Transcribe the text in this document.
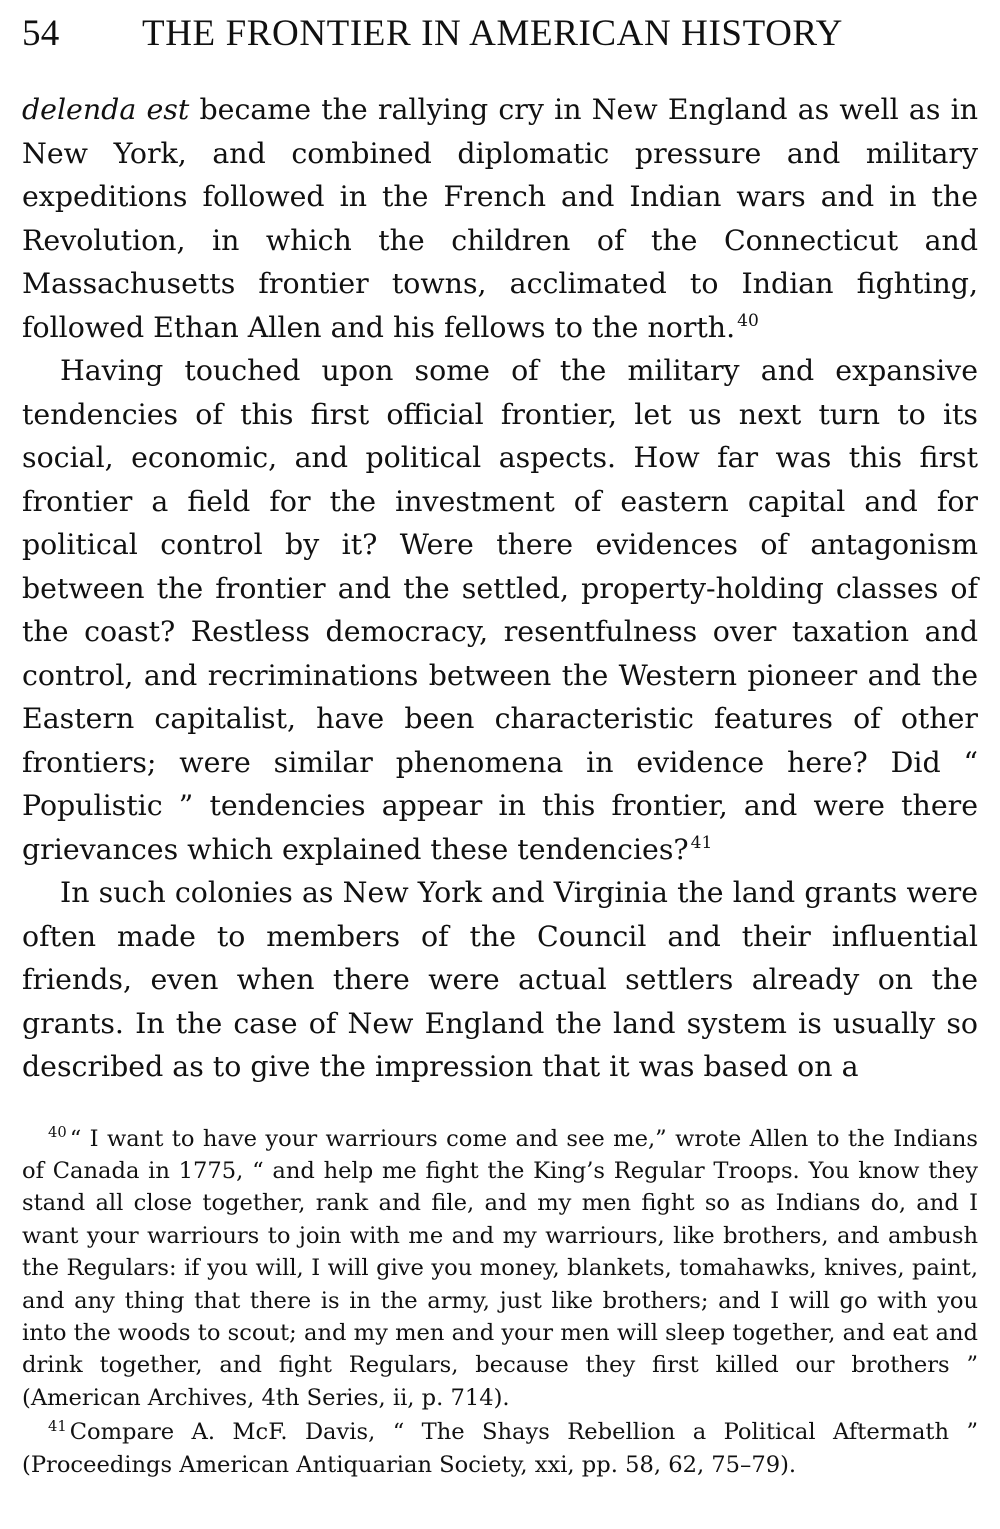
54	THE FRONTIER IN AMERICAN HISTORY

delenda est became the rallying cry in New England as well as in New York, and combined diplomatic pressure and military expeditions followed in the French and Indian wars and in the Revolution, in which the children of the Connecticut and Massachusetts frontier towns, acclimated to Indian fighting, followed Ethan Allen and his fellows to the north. $^{40}$

Having touched upon some of the military and expansive tendencies of this first official frontier, let us next turn to its social, economic, and political aspects. How far was this first frontier a field for the investment of eastern capital and for political control by it? Were there evidences of antagonism between the frontier and the settled, property-holding classes of the coast? Restless democracy, resentfulness over taxation and control, and recriminations between the Western pioneer and the Eastern capitalist, have been characteristic features of other frontiers; were similar phenomena in evidence here? Did “ Populistic ” tendencies appear in this frontier, and were there grievances which explained these tendencies? $^{41}$

In such colonies as New York and Virginia the land grants were often made to members of the Council and their influential friends, even when there were actual settlers already on the grants. In the case of New England the land system is usually so described as to give the impression that it was based on a

$^{40}$ “ I want to have your warriours come and see me,” wrote Allen to the Indians of Canada in 1775, “ and help me fight the King’s Regular Troops. You know they stand all close together, rank and file, and my men fight so as Indians do, and I want your warriours to join with me and my warriours, like brothers, and ambush the Regulars: if you will, I will give you money, blankets, tomahawks, knives, paint, and any thing that there is in the army, just like brothers; and I will go with you into the woods to scout; and my men and your men will sleep together, and eat and drink together, and fight Regulars, because they first killed our brothers ” (American Archives, 4th Series, ii, p. 714).

$^{41}$ Compare A. McF. Davis, “ The Shays Rebellion a Political Aftermath ” (Proceedings American Antiquarian Society, xxi, pp. 58, 62, 75–79).
